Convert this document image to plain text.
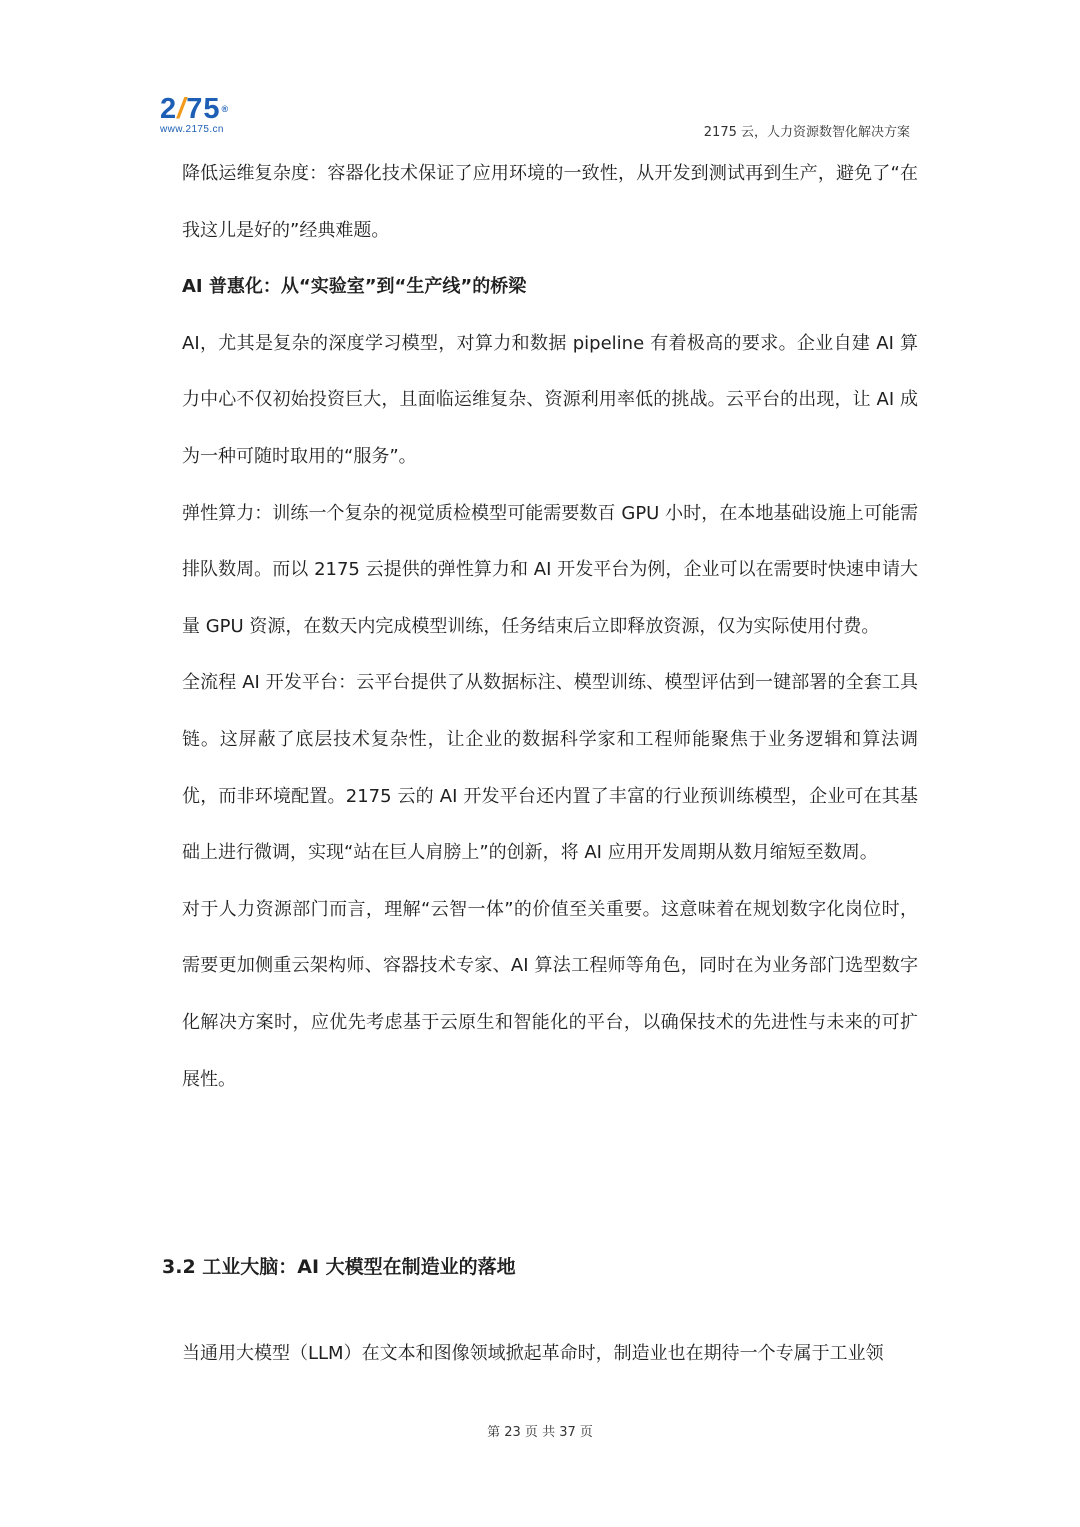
2/75®
www.2175.cn	2175 云，人力资源数智化解决方案

降低运维复杂度：容器化技术保证了应用环境的一致性，从开发到测试再到生产，避免了“在我这儿是好的”经典难题。

AI 普惠化：从“实验室”到“生产线”的桥梁

AI，尤其是复杂的深度学习模型，对算力和数据 pipeline 有着极高的要求。企业自建 AI 算力中心不仅初始投资巨大，且面临运维复杂、资源利用率低的挑战。云平台的出现，让 AI 成为一种可随时取用的“服务”。

弹性算力：训练一个复杂的视觉质检模型可能需要数百 GPU 小时，在本地基础设施上可能需排队数周。而以 2175 云提供的弹性算力和 AI 开发平台为例，企业可以在需要时快速申请大量 GPU 资源，在数天内完成模型训练，任务结束后立即释放资源，仅为实际使用付费。

全流程 AI 开发平台：云平台提供了从数据标注、模型训练、模型评估到一键部署的全套工具链。这屏蔽了底层技术复杂性，让企业的数据科学家和工程师能聚焦于业务逻辑和算法调优，而非环境配置。2175 云的 AI 开发平台还内置了丰富的行业预训练模型，企业可在其基础上进行微调，实现“站在巨人肩膀上”的创新，将 AI 应用开发周期从数月缩短至数周。

对于人力资源部门而言，理解“云智一体”的价值至关重要。这意味着在规划数字化岗位时，需要更加侧重云架构师、容器技术专家、AI 算法工程师等角色，同时在为业务部门选型数字化解决方案时，应优先考虑基于云原生和智能化的平台，以确保技术的先进性与未来的可扩展性。

3.2 工业大脑：AI 大模型在制造业的落地

当通用大模型（LLM）在文本和图像领域掀起革命时，制造业也在期待一个专属于工业领

第 23 页 共 37 页
